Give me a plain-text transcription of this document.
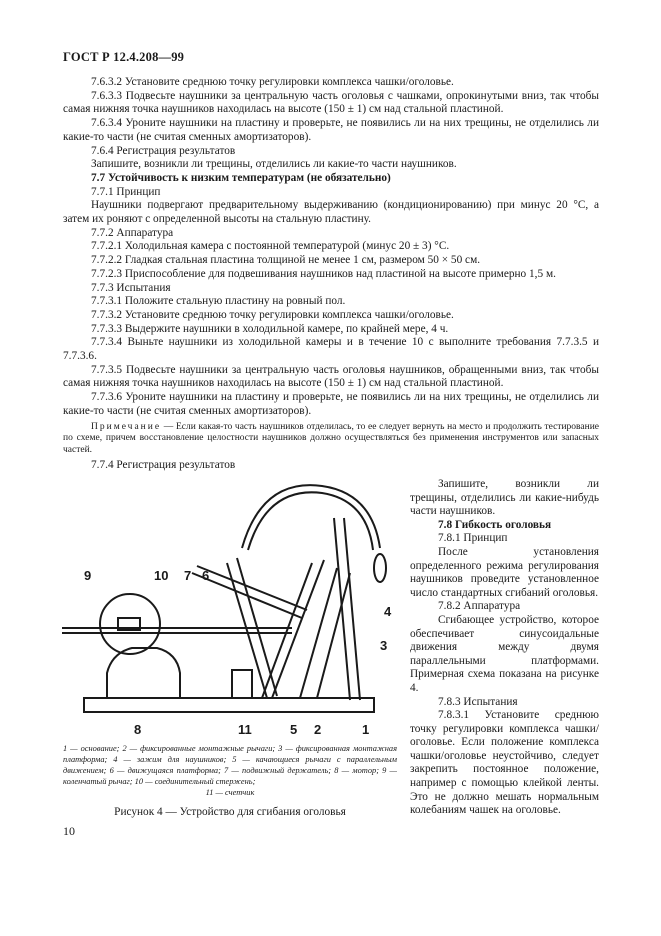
ГОСТ Р 12.4.208—99

7.6.3.2 Установите среднюю точку регулировки комплекса чашки/оголовье.

7.6.3.3 Подвесьте наушники за центральную часть оголовья с чашками, опрокинутыми вниз, так чтобы самая нижняя точка наушников находилась на высоте (150 ± 1) см над стальной пластиной.

7.6.3.4 Уроните наушники на пластину и проверьте, не появились ли на них трещины, не отделились ли какие-то части (не считая сменных амортизаторов).

7.6.4 Регистрация результатов

Запишите, возникли ли трещины, отделились ли какие-то части наушников.

7.7 Устойчивость к низким температурам (не обязательно)

7.7.1 Принцип

Наушники подвергают предварительному выдерживанию (кондиционированию) при минус 20 °С, а затем их роняют с определенной высоты на стальную пластину.

7.7.2 Аппаратура

7.7.2.1 Холодильная камера с постоянной температурой (минус 20 ± 3) °С.

7.7.2.2 Гладкая стальная пластина толщиной не менее 1 см, размером 50 × 50 см.

7.7.2.3 Приспособление для подвешивания наушников над пластиной на высоте примерно 1,5 м.

7.7.3 Испытания

7.7.3.1 Положите стальную пластину на ровный пол.

7.7.3.2 Установите среднюю точку регулировки комплекса чашки/оголовье.

7.7.3.3 Выдержите наушники в холодильной камере, по крайней мере, 4 ч.

7.7.3.4 Выньте наушники из холодильной камеры и в течение 10 с выполните требования 7.7.3.5 и 7.7.3.6.

7.7.3.5 Подвесьте наушники за центральную часть оголовья наушников, обращенными вниз, так чтобы самая нижняя точка наушников находилась на высоте (150 ± 1) см над стальной пластиной.

7.7.3.6 Уроните наушники на пластину и проверьте, не появились ли на них трещины, не отделились ли какие-то части (не считая сменных амортизаторов).

Примечание — Если какая-то часть наушников отделилась, то ее следует вернуть на место и продолжить тестирование по схеме, причем восстановление целостности наушников должно осуществляться без применения инструментов или запасных частей.

7.7.4 Регистрация результатов

9	10 7 6
4
3
8	11	5 2	1

Запишите, возникли ли трещины, отделились ли какие-нибудь части наушников.

7.8 Гибкость оголовья

7.8.1 Принцип

После установления определенного режима регулирования наушников проведите установленное число стандартных сгибаний оголовья.

7.8.2 Аппаратура

Сгибающее устройство, которое обеспечивает синусоидальные движения между двумя параллельными платформами. Примерная схема показана на рисунке 4.

7.8.3 Испытания

7.8.3.1 Установите среднюю точку регулировки комплекса чашки/оголовье. Если положение комплекса чашки/оголовье неустойчиво, следует закрепить постоянное положение, например с помощью клейкой ленты. Это не должно мешать нормальным колебаниям чашек на оголовье.

1 — основание; 2 — фиксированные монтажные рычаги; 3 — фиксированная монтажная платформа; 4 — зажим для наушников; 5 — качающиеся рычаги с параллельным движением; 6 — движущаяся платформа; 7 — подвижный держатель; 8 — мотор; 9 — коленчатый рычаг; 10 — соединительный стержень;
11 — счетчик
Рисунок 4 — Устройство для сгибания оголовья
10
